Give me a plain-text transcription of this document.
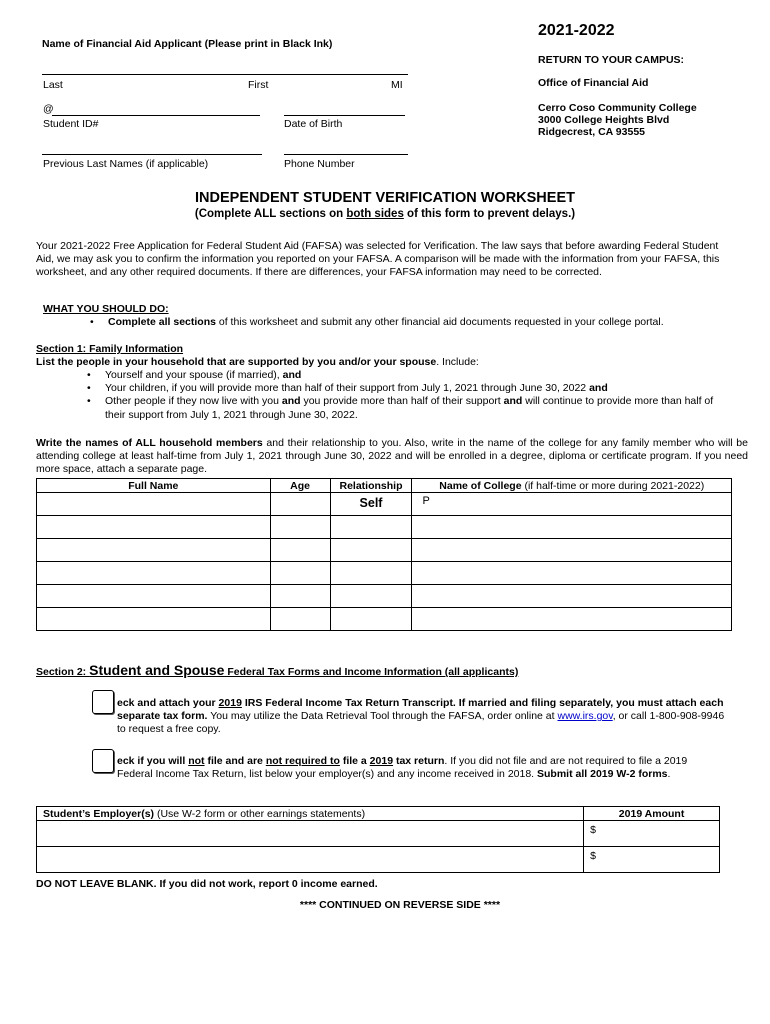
Name of Financial Aid Applicant (Please print in Black Ink)
2021-2022
RETURN TO YOUR CAMPUS:
Office of Financial Aid
Cerro Coso Community College
3000 College Heights Blvd
Ridgecrest, CA 93555
Last	First	MI
@
Student ID#	Date of Birth
Previous Last Names (if applicable)	Phone Number
INDEPENDENT STUDENT VERIFICATION WORKSHEET
(Complete ALL sections on both sides of this form to prevent delays.)
Your 2021-2022 Free Application for Federal Student Aid (FAFSA) was selected for Verification. The law says that before awarding Federal Student Aid, we may ask you to confirm the information you reported on your FAFSA. A comparison will be made with the information from your FAFSA, this worksheet, and any other required documents. If there are differences, your FAFSA information may need to be corrected.
WHAT YOU SHOULD DO:
• Complete all sections of this worksheet and submit any other financial aid documents requested in your college portal.
Section 1: Family Information
List the people in your household that are supported by you and/or your spouse. Include:
• Yourself and your spouse (if married), and
• Your children, if you will provide more than half of their support from July 1, 2021 through June 30, 2022 and
• Other people if they now live with you and you provide more than half of their support and will continue to provide more than half of their support from July 1, 2021 through June 30, 2022.
Write the names of ALL household members and their relationship to you. Also, write in the name of the college for any family member who will be attending college at least half-time from July 1, 2021 through June 30, 2022 and will be enrolled in a degree, diploma or certificate program. If you need more space, attach a separate page.
Full Name	Age	Relationship	Name of College (if half-time or more during 2021-2022)
		Self	P

Section 2: Student and Spouse Federal Tax Forms and Income Information (all applicants)
eck and attach your 2019 IRS Federal Income Tax Return Transcript. If married and filing separately, you must attach each separate tax form. You may utilize the Data Retrieval Tool through the FAFSA, order online at www.irs.gov, or call 1-800-908-9946 to request a free copy.
eck if you will not file and are not required to file a 2019 tax return. If you did not file and are not required to file a 2019 Federal Income Tax Return, list below your employer(s) and any income received in 2018. Submit all 2019 W-2 forms.
Student’s Employer(s) (Use W-2 form or other earnings statements)	2019 Amount
	$
	$
DO NOT LEAVE BLANK. If you did not work, report 0 income earned.
**** CONTINUED ON REVERSE SIDE ****
